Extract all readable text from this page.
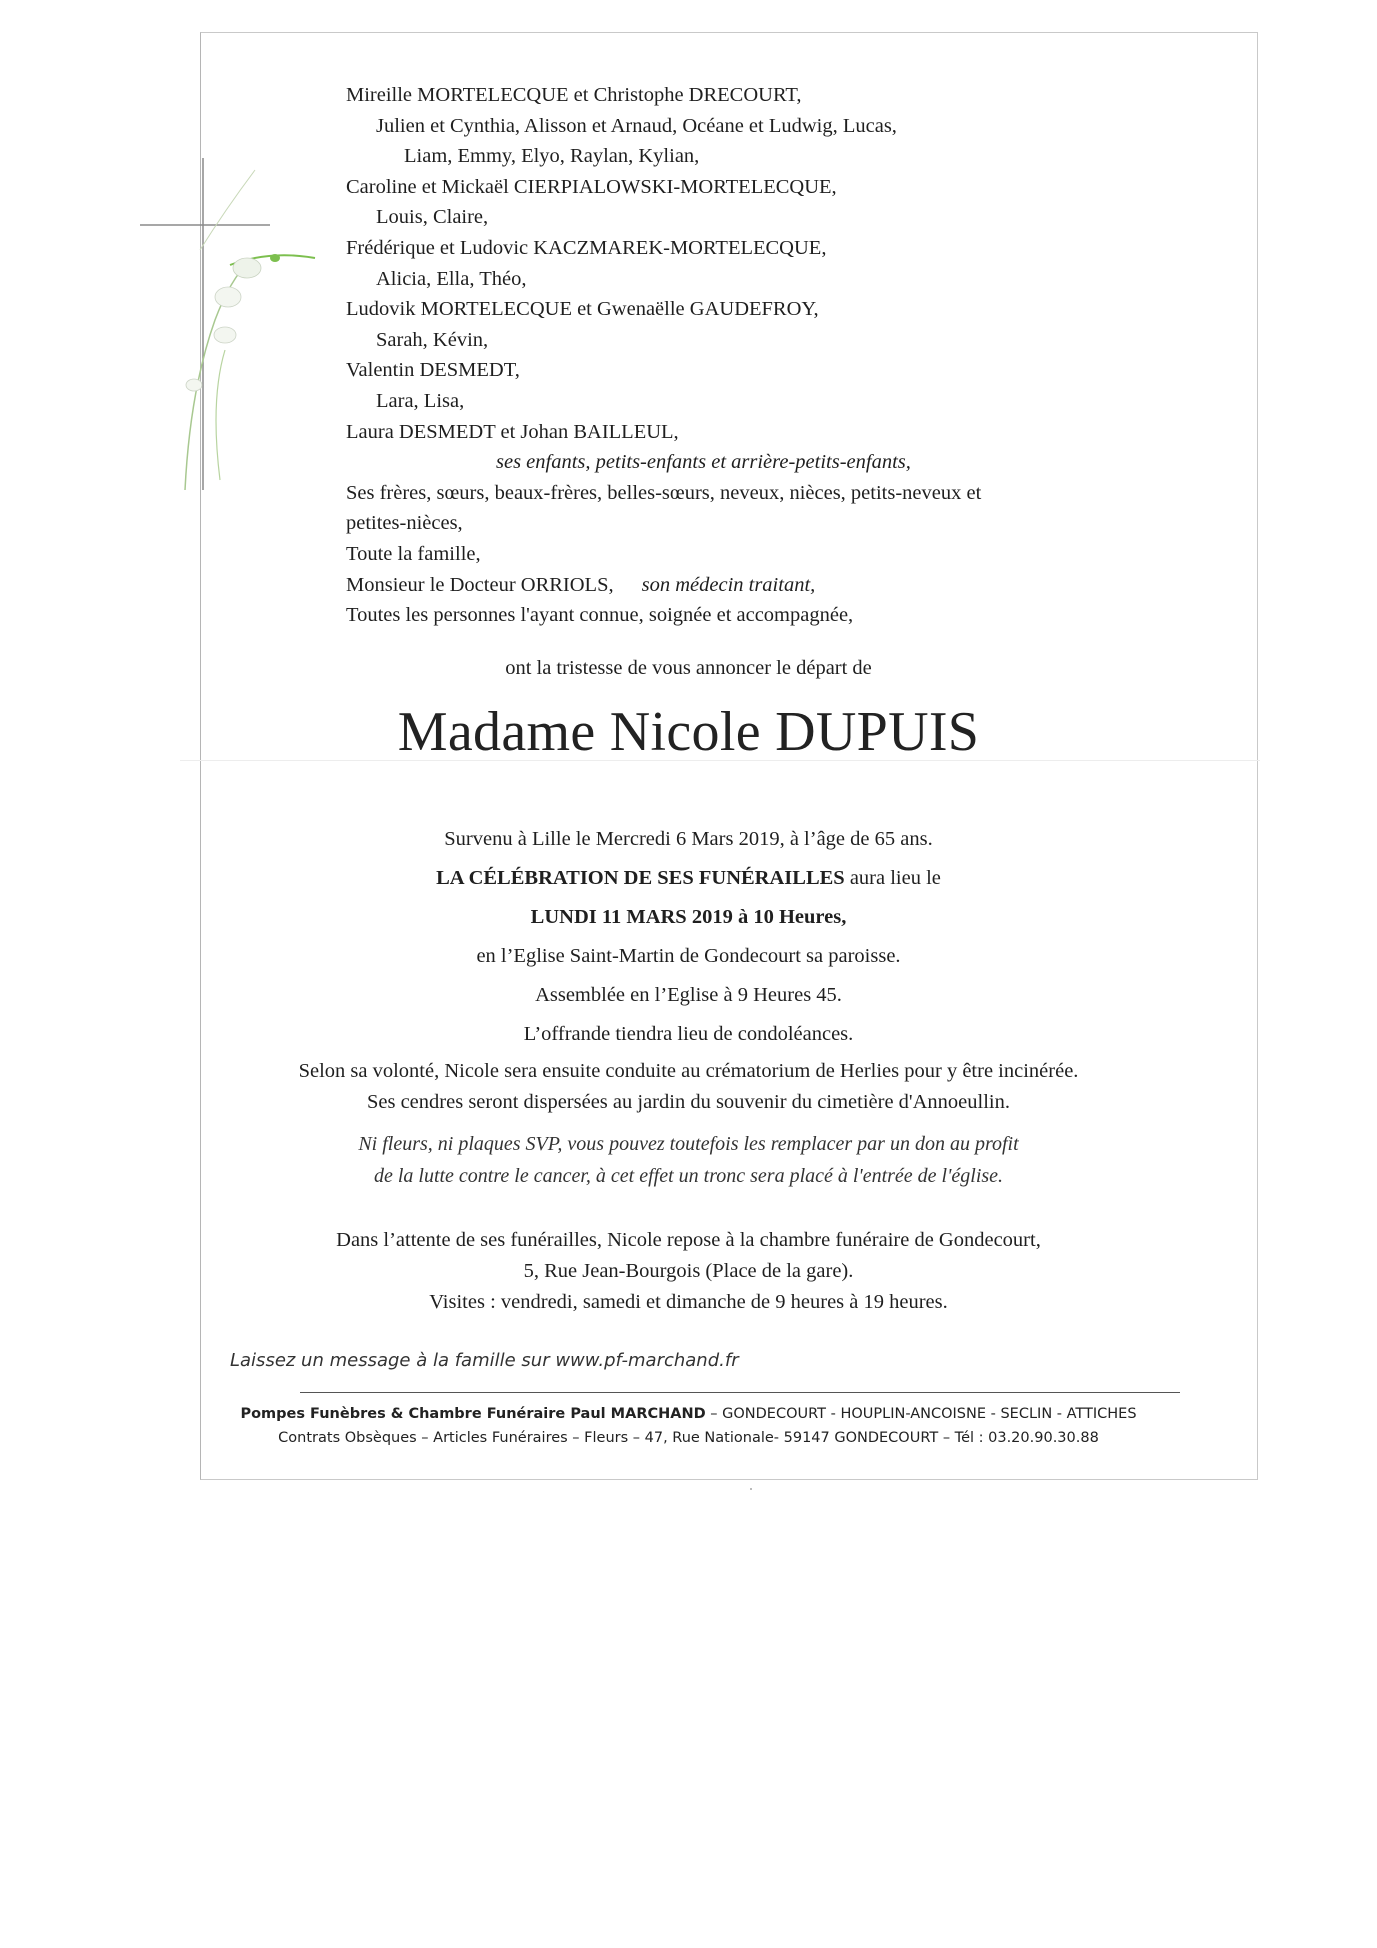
Mireille MORTELECQUE et Christophe DRECOURT,
Julien et Cynthia, Alisson et Arnaud, Océane et Ludwig, Lucas,
Liam, Emmy, Elyo, Raylan, Kylian,
Caroline et Mickaël CIERPIALOWSKI-MORTELECQUE,
Louis, Claire,
Frédérique et Ludovic KACZMAREK-MORTELECQUE,
Alicia, Ella, Théo,
Ludovik MORTELECQUE et Gwenaëlle GAUDEFROY,
Sarah, Kévin,
Valentin DESMEDT,
Lara, Lisa,
Laura DESMEDT et Johan BAILLEUL,
ses enfants, petits-enfants et arrière-petits-enfants,
Ses frères, sœurs, beaux-frères, belles-sœurs, neveux, nièces, petits-neveux et
petites-nièces,
Toute la famille,
Monsieur le Docteur ORRIOLS, son médecin traitant,
Toutes les personnes l'ayant connue, soignée et accompagnée,
ont la tristesse de vous annoncer le départ de
Madame Nicole DUPUIS
Survenu à Lille le Mercredi 6 Mars 2019, à l’âge de 65 ans.
LA CÉLÉBRATION DE SES FUNÉRAILLES aura lieu le
LUNDI 11 MARS 2019 à 10 Heures,
en l’Eglise Saint-Martin de Gondecourt sa paroisse.
Assemblée en l’Eglise à 9 Heures 45.
L’offrande tiendra lieu de condoléances.
Selon sa volonté, Nicole sera ensuite conduite au crématorium de Herlies pour y être incinérée.
Ses cendres seront dispersées au jardin du souvenir du cimetière d'Annoeullin.
Ni fleurs, ni plaques SVP, vous pouvez toutefois les remplacer par un don au profit
de la lutte contre le cancer, à cet effet un tronc sera placé à l'entrée de l'église.
Dans l’attente de ses funérailles, Nicole repose à la chambre funéraire de Gondecourt,
5, Rue Jean-Bourgois (Place de la gare).
Visites : vendredi, samedi et dimanche de 9 heures à 19 heures.
Laissez un message à la famille sur www.pf-marchand.fr
Pompes Funèbres & Chambre Funéraire Paul MARCHAND – GONDECOURT - HOUPLIN-ANCOISNE - SECLIN - ATTICHES
Contrats Obsèques – Articles Funéraires – Fleurs – 47, Rue Nationale- 59147 GONDECOURT – Tél : 03.20.90.30.88
